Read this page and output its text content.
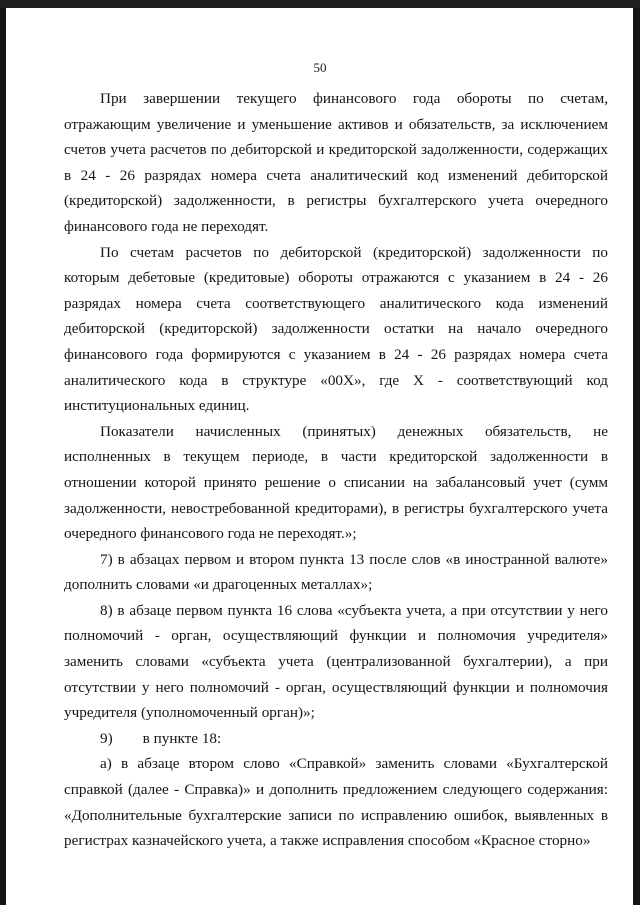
50

При завершении текущего финансового года обороты по счетам, отражающим увеличение и уменьшение активов и обязательств, за исключением счетов учета расчетов по дебиторской и кредиторской задолженности, содержащих в 24 - 26 разрядах номера счета аналитический код изменений дебиторской (кредиторской) задолженности, в регистры бухгалтерского учета очередного финансового года не переходят.

По счетам расчетов по дебиторской (кредиторской) задолженности по которым дебетовые (кредитовые) обороты отражаются с указанием в 24 - 26 разрядах номера счета соответствующего аналитического кода изменений дебиторской (кредиторской) задолженности остатки на начало очередного финансового года формируются с указанием в 24 - 26 разрядах номера счета аналитического кода в структуре «00Х», где Х - соответствующий код институциональных единиц.

Показатели начисленных (принятых) денежных обязательств, не исполненных в текущем периоде, в части кредиторской задолженности в отношении которой принято решение о списании на забалансовый учет (сумм задолженности, невостребованной кредиторами), в регистры бухгалтерского учета очередного финансового года не переходят.»;

7) в абзацах первом и втором пункта 13 после слов «в иностранной валюте» дополнить словами «и драгоценных металлах»;

8) в абзаце первом пункта 16 слова «субъекта учета, а при отсутствии у него полномочий - орган, осуществляющий функции и полномочия учредителя» заменить словами «субъекта учета (централизованной бухгалтерии), а при отсутствии у него полномочий - орган, осуществляющий функции и полномочия учредителя (уполномоченный орган)»;

9) в пункте 18:

а) в абзаце втором слово «Справкой» заменить словами «Бухгалтерской справкой (далее - Справка)» и дополнить предложением следующего содержания: «Дополнительные бухгалтерские записи по исправлению ошибок, выявленных в регистрах казначейского учета, а также исправления способом «Красное сторно»
